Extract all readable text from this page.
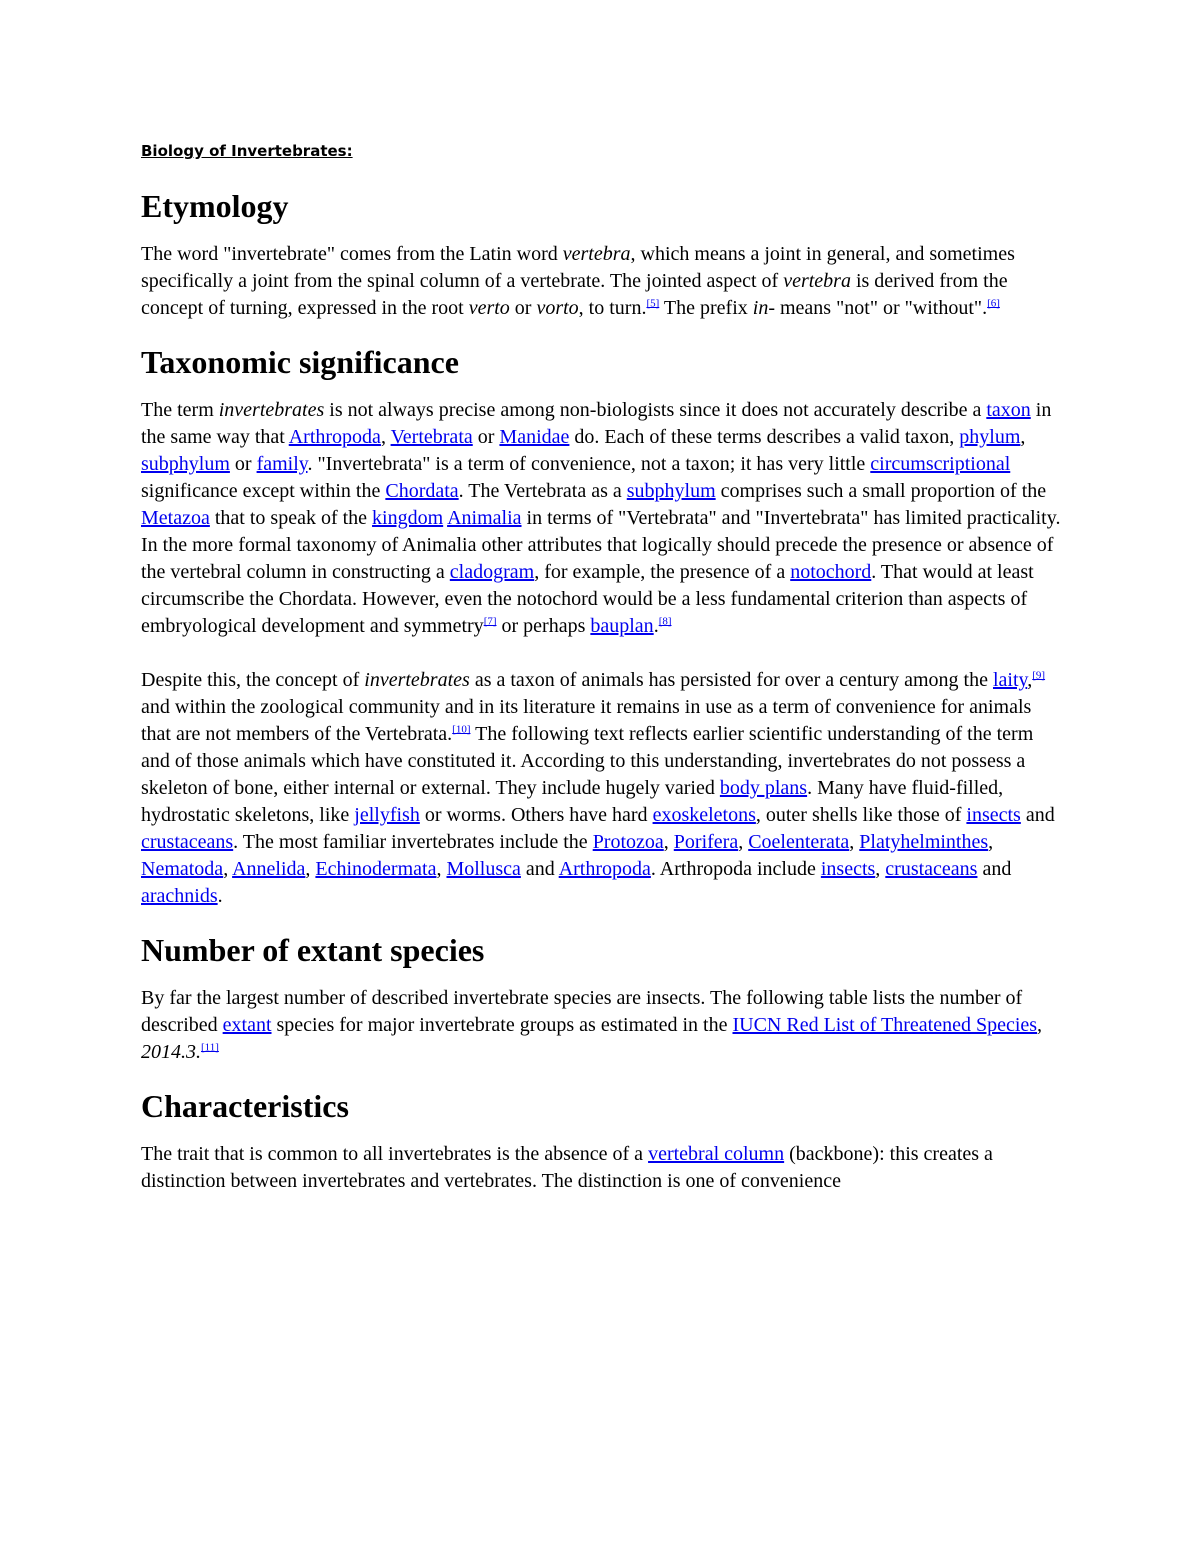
Biology of Invertebrates:
Etymology

The word "invertebrate" comes from the Latin word vertebra, which means a joint in general, and sometimes specifically a joint from the spinal column of a vertebrate. The jointed aspect of vertebra is derived from the concept of turning, expressed in the root verto or vorto, to turn.[5] The prefix in- means "not" or "without".[6]

Taxonomic significance

The term invertebrates is not always precise among non-biologists since it does not accurately describe a taxon in the same way that Arthropoda, Vertebrata or Manidae do. Each of these terms describes a valid taxon, phylum, subphylum or family. "Invertebrata" is a term of convenience, not a taxon; it has very little circumscriptional significance except within the Chordata. The Vertebrata as a subphylum comprises such a small proportion of the Metazoa that to speak of the kingdom Animalia in terms of "Vertebrata" and "Invertebrata" has limited practicality. In the more formal taxonomy of Animalia other attributes that logically should precede the presence or absence of the vertebral column in constructing a cladogram, for example, the presence of a notochord. That would at least circumscribe the Chordata. However, even the notochord would be a less fundamental criterion than aspects of embryological development and symmetry[7] or perhaps bauplan.[8]

Despite this, the concept of invertebrates as a taxon of animals has persisted for over a century among the laity,[9] and within the zoological community and in its literature it remains in use as a term of convenience for animals that are not members of the Vertebrata.[10] The following text reflects earlier scientific understanding of the term and of those animals which have constituted it. According to this understanding, invertebrates do not possess a skeleton of bone, either internal or external. They include hugely varied body plans. Many have fluid-filled, hydrostatic skeletons, like jellyfish or worms. Others have hard exoskeletons, outer shells like those of insects and crustaceans. The most familiar invertebrates include the Protozoa, Porifera, Coelenterata, Platyhelminthes, Nematoda, Annelida, Echinodermata, Mollusca and Arthropoda. Arthropoda include insects, crustaceans and arachnids.

Number of extant species

By far the largest number of described invertebrate species are insects. The following table lists the number of described extant species for major invertebrate groups as estimated in the IUCN Red List of Threatened Species, 2014.3.[11]

Characteristics

The trait that is common to all invertebrates is the absence of a vertebral column (backbone): this creates a distinction between invertebrates and vertebrates. The distinction is one of convenience
